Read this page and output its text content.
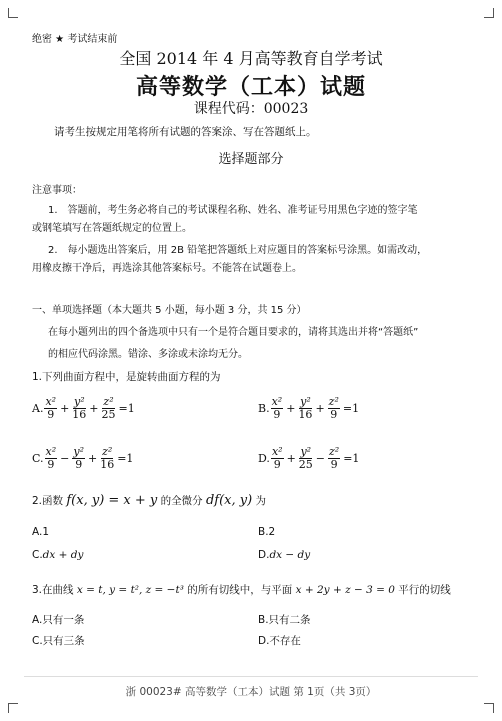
绝密 ★ 考试结束前
全国 2014 年 4 月高等教育自学考试
高等数学（工本）试题
课程代码：00023
请考生按规定用笔将所有试题的答案涂、写在答题纸上。
选择题部分
注意事项：
1.　答题前，考生务必将自己的考试课程名称、姓名、准考证号用黑色字迹的签字笔
或钢笔填写在答题纸规定的位置上。
2.　每小题选出答案后，用 2B 铅笔把答题纸上对应题目的答案标号涂黑。如需改动，
用橡皮擦干净后，再选涂其他答案标号。不能答在试题卷上。
一、单项选择题（本大题共 5 小题，每小题 3 分，共 15 分）
在每小题列出的四个备选项中只有一个是符合题目要求的，请将其选出并将“答题纸”
的相应代码涂黑。错涂、多涂或未涂均无分。
1.下列曲面方程中，是旋转曲面方程的为
A. $\frac{\text{x²}}{9} + \frac{\text{y²}}{16} + \frac{\text{z²}}{25} =1$	B. $\frac{\text{x²}}{9} + \frac{\text{y²}}{16} + \frac{\text{z²}}{9} =1$
C. $\frac{\text{x²}}{9} - \frac{\text{y²}}{9} + \frac{\text{z²}}{16} =1$	D. $\frac{\text{x²}}{9} + \frac{\text{y²}}{25} - \frac{\text{z²}}{9} =1$
2.函数 f(x, y) = x + y 的全微分 df(x, y) 为
A.1	B.2
C.dx + dy	D.dx − dy
3.在曲线 x = t, y = t², z = −t³ 的所有切线中，与平面 x + 2y + z − 3 = 0 平行的切线
A.只有一条	B.只有二条
C.只有三条	D.不存在
浙 00023# 高等数学（工本）试题 第 1页（共 3页）
